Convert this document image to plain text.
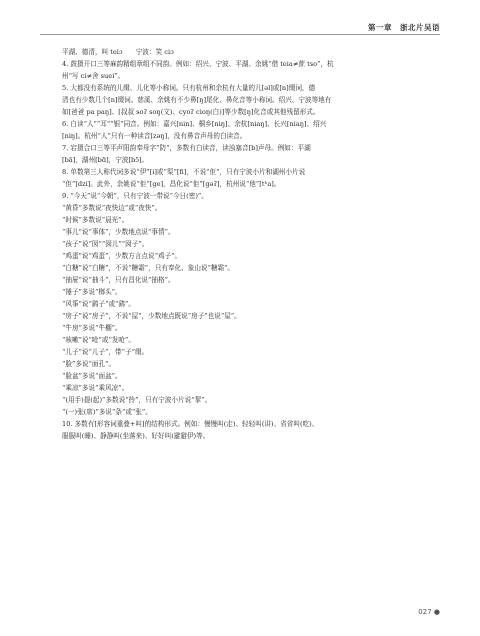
第一章　浙北片吴语
平湖、德清，叫 teiɔ　　宁波：笑 ciɔ
4. 鼓摄开口三等麻韵精组章组不同韵。例如：绍兴、宁波、平湖、余姚“借 teia≠蔗 tso”，杭
州“写 ci≠舍 suei”。
5. 大都没有系统的儿缀、儿化等小称词。只有杭州和余杭有大量的儿[əl]或[n]缀词，德
清也有少数几个[n]缀词。慈溪、余姚有不少鼻[ŋ]尾化、鼻化音等小称词。绍兴、宁波等地有
如[爸爸 pa paŋ]、[叔叔 soʔ soŋ(文)、cyoʔ cioŋ(白)]等少数[ŋ]化音或其他残留形式。
6. 白读“人”“耳”“银”同音。例如：嘉兴[nin]、桐乡[niŋ]、余杭[niaŋ]、长兴[niaŋ]、绍兴
[niŋ]。杭州“人”只有一种读音[zəŋ]，没有鼻音声母的白读音。
7. 宕摄合口三等平声阳韵奉母字“防”，多数有白读音，读浊塞音[b]声母。例如：平湖
[bã]，湖州[bɑ̃]，宁波[bɔ̃]。
8. 单数第三人称代词多说“伊”[i]或“渠”[fi]，不说“佢”，只有宁波小片和湖州小片说
“佢”[dzi]。此外，余姚说“佢”[ge]，昌化说“佢”[gəʔ]，杭州说“他”[tʰa]。
9. “今天”说“今朝”，只有宁波一带说“今日(密)”。
“黄昏”多数说“夜快边”或“夜快”。
“时候”多数说“晨光”。
“事儿”说“事体”，少数地点说“事情”。
“孩子”说“囡”“囡儿”“囡子”。
“鸡蛋”说“鸡蛋”，少数方言点说“鸡子”。
“白糖”说“白糖”，不说“糖霜”，只有奉化、象山说“糖霜”。
“抽屉”说“抽斗”，只有昌化说“抽格”。
“锤子”多说“榔头”。
“风筝”说“鹞子”或“鹞”。
“房子”说“房子”，不说“屋”，少数地点既说“房子”也说“屋”。
“牛房”多说“牛棚”。
“咳嗽”说“呛”或“发呛”。
“儿子”说“儿子”，带“子”缀。
“脸”多说“面孔”。
“脸盆”多说“面盆”。
“乘凉”多说“乘风凉”。
“(用手)提(起)”多数说“拎”，只有宁波小片说“挈”。
“(一)张(席)”多说“条”或“张”。
10. 多数有[形容词重叠+叫]的结构形式。例如：慢慢叫(走)、轻轻叫(讲)、省省叫(吃)、
服服叫(睡)、静静叫(坐落来)、好好叫(避避伊)等。
027 ●
